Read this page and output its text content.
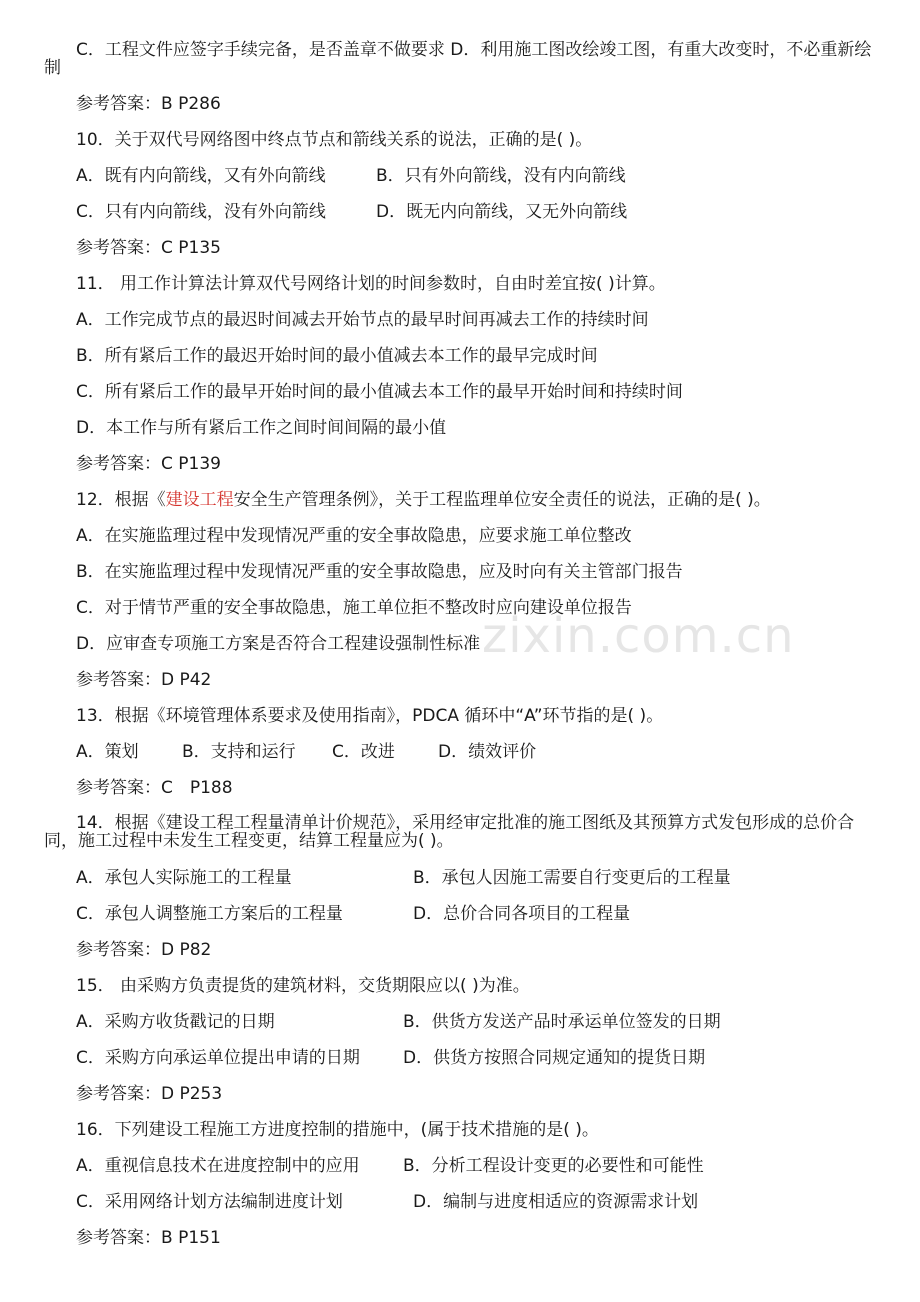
zixin.com.cn
C．工程文件应签字手续完备，是否盖章不做要求 D．利用施工图改绘竣工图，有重大改变时，不必重新绘制
参考答案：B P286
10．关于双代号网络图中终点节点和箭线关系的说法，正确的是( )。
A．既有内向箭线，又有外向箭线	B．只有外向箭线，没有内向箭线
C．只有内向箭线，没有外向箭线	D．既无内向箭线，又无外向箭线
参考答案：C P135
11． 用工作计算法计算双代号网络计划的时间参数时，自由时差宜按( )计算。
A．工作完成节点的最迟时间减去开始节点的最早时间再减去工作的持续时间
B．所有紧后工作的最迟开始时间的最小值减去本工作的最早完成时间
C．所有紧后工作的最早开始时间的最小值减去本工作的最早开始时间和持续时间
D．本工作与所有紧后工作之间时间间隔的最小值
参考答案：C P139
12．根据《建设工程安全生产管理条例》，关于工程监理单位安全责任的说法，正确的是( )。
A．在实施监理过程中发现情况严重的安全事故隐患，应要求施工单位整改
B．在实施监理过程中发现情况严重的安全事故隐患，应及时向有关主管部门报告
C．对于情节严重的安全事故隐患，施工单位拒不整改时应向建设单位报告
D．应审查专项施工方案是否符合工程建设强制性标准
参考答案：D P42
13．根据《环境管理体系要求及使用指南》，PDCA 循环中“A”环节指的是( )。
A．策划	B．支持和运行 C．改进	D．绩效评价
参考答案：C　P188
14．根据《建设工程工程量清单计价规范》，采用经审定批准的施工图纸及其预算方式发包形成的总价合同，施工过程中未发生工程变更，结算工程量应为( )。
A．承包人实际施工的工程量	B．承包人因施工需要自行变更后的工程量
C．承包人调整施工方案后的工程量	D．总价合同各项目的工程量
参考答案：D P82
15． 由采购方负责提货的建筑材料，交货期限应以( )为准。
A．采购方收货戳记的日期	B．供货方发送产品时承运单位签发的日期
C．采购方向承运单位提出申请的日期	D．供货方按照合同规定通知的提货日期
参考答案：D P253
16．下列建设工程施工方进度控制的措施中，(属于技术措施的是( )。
A．重视信息技术在进度控制中的应用	B．分析工程设计变更的必要性和可能性
C．采用网络计划方法编制进度计划	D．编制与进度相适应的资源需求计划
参考答案：B P151
